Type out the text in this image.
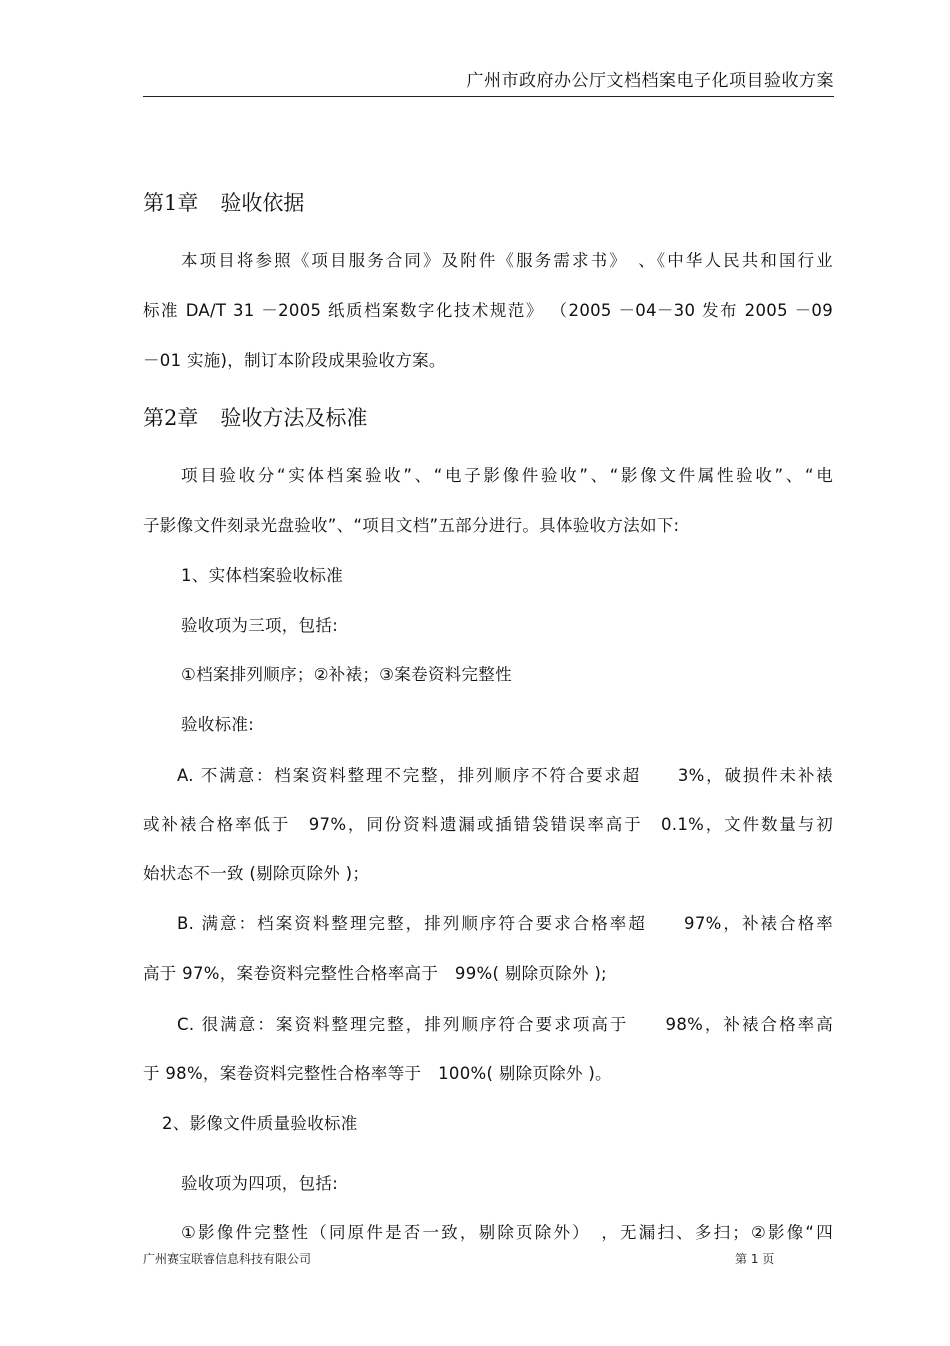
广州市政府办公厅文档档案电子化项目验收方案
第1章 验收依据
本项目将参照《项目服务合同》及附件《服务需求书》　、《中华人民共和国行业
标准 DA/T 31 －2005 纸质档案数字化技术规范》 （2005 －04－30 发布 2005 －09
－01 实施)，制订本阶段成果验收方案。
第2章 验收方法及标准
项目验收分“实体档案验收”、“电子影像件验收”、“影像文件属性验收”、“电
子影像文件刻录光盘验收”、“项目文档”五部分进行。具体验收方法如下:
1、实体档案验收标准
验收项为三项，包括:
①档案排列顺序；②补裱；③案卷资料完整性
验收标准:
A. 不满意：档案资料整理不完整，排列顺序不符合要求超　　3%，破损件未补裱
或补裱合格率低于　97%，同份资料遗漏或插错袋错误率高于　0.1%，文件数量与初
始状态不一致 (剔除页除外 )；
B. 满意：档案资料整理完整，排列顺序符合要求合格率超　　97%，补裱合格率
高于 97%，案卷资料完整性合格率高于　99%( 剔除页除外 );
C. 很满意：案资料整理完整，排列顺序符合要求项高于　　98%，补裱合格率高
于 98%，案卷资料完整性合格率等于　100%( 剔除页除外 )。
2、影像文件质量验收标准
验收项为四项，包括:
①影像件完整性（同原件是否一致，剔除页除外）　，无漏扫、多扫；②影像“四
广州赛宝联睿信息科技有限公司	第 1 页
